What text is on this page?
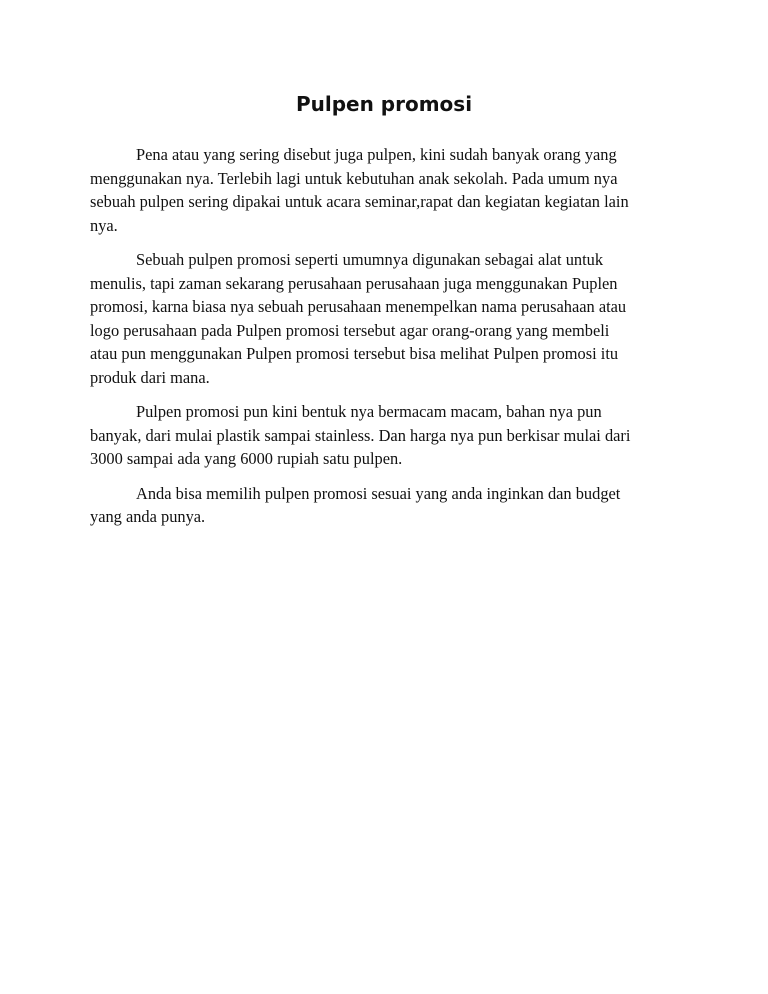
Pulpen promosi

Pena atau yang sering disebut juga pulpen, kini sudah banyak orang yang
menggunakan nya. Terlebih lagi untuk kebutuhan anak sekolah. Pada umum nya
sebuah pulpen sering dipakai untuk acara seminar,rapat dan kegiatan kegiatan lain
nya.

Sebuah pulpen promosi seperti umumnya digunakan sebagai alat untuk
menulis, tapi zaman sekarang perusahaan perusahaan juga menggunakan Puplen
promosi, karna biasa nya sebuah perusahaan menempelkan nama perusahaan atau
logo perusahaan pada Pulpen promosi tersebut agar orang-orang yang membeli
atau pun menggunakan Pulpen promosi tersebut bisa melihat Pulpen promosi itu
produk dari mana.

Pulpen promosi pun kini bentuk nya bermacam macam, bahan nya pun
banyak, dari mulai plastik sampai stainless. Dan harga nya pun berkisar mulai dari
3000 sampai ada yang 6000 rupiah satu pulpen.

Anda bisa memilih pulpen promosi sesuai yang anda inginkan dan budget
yang anda punya.
